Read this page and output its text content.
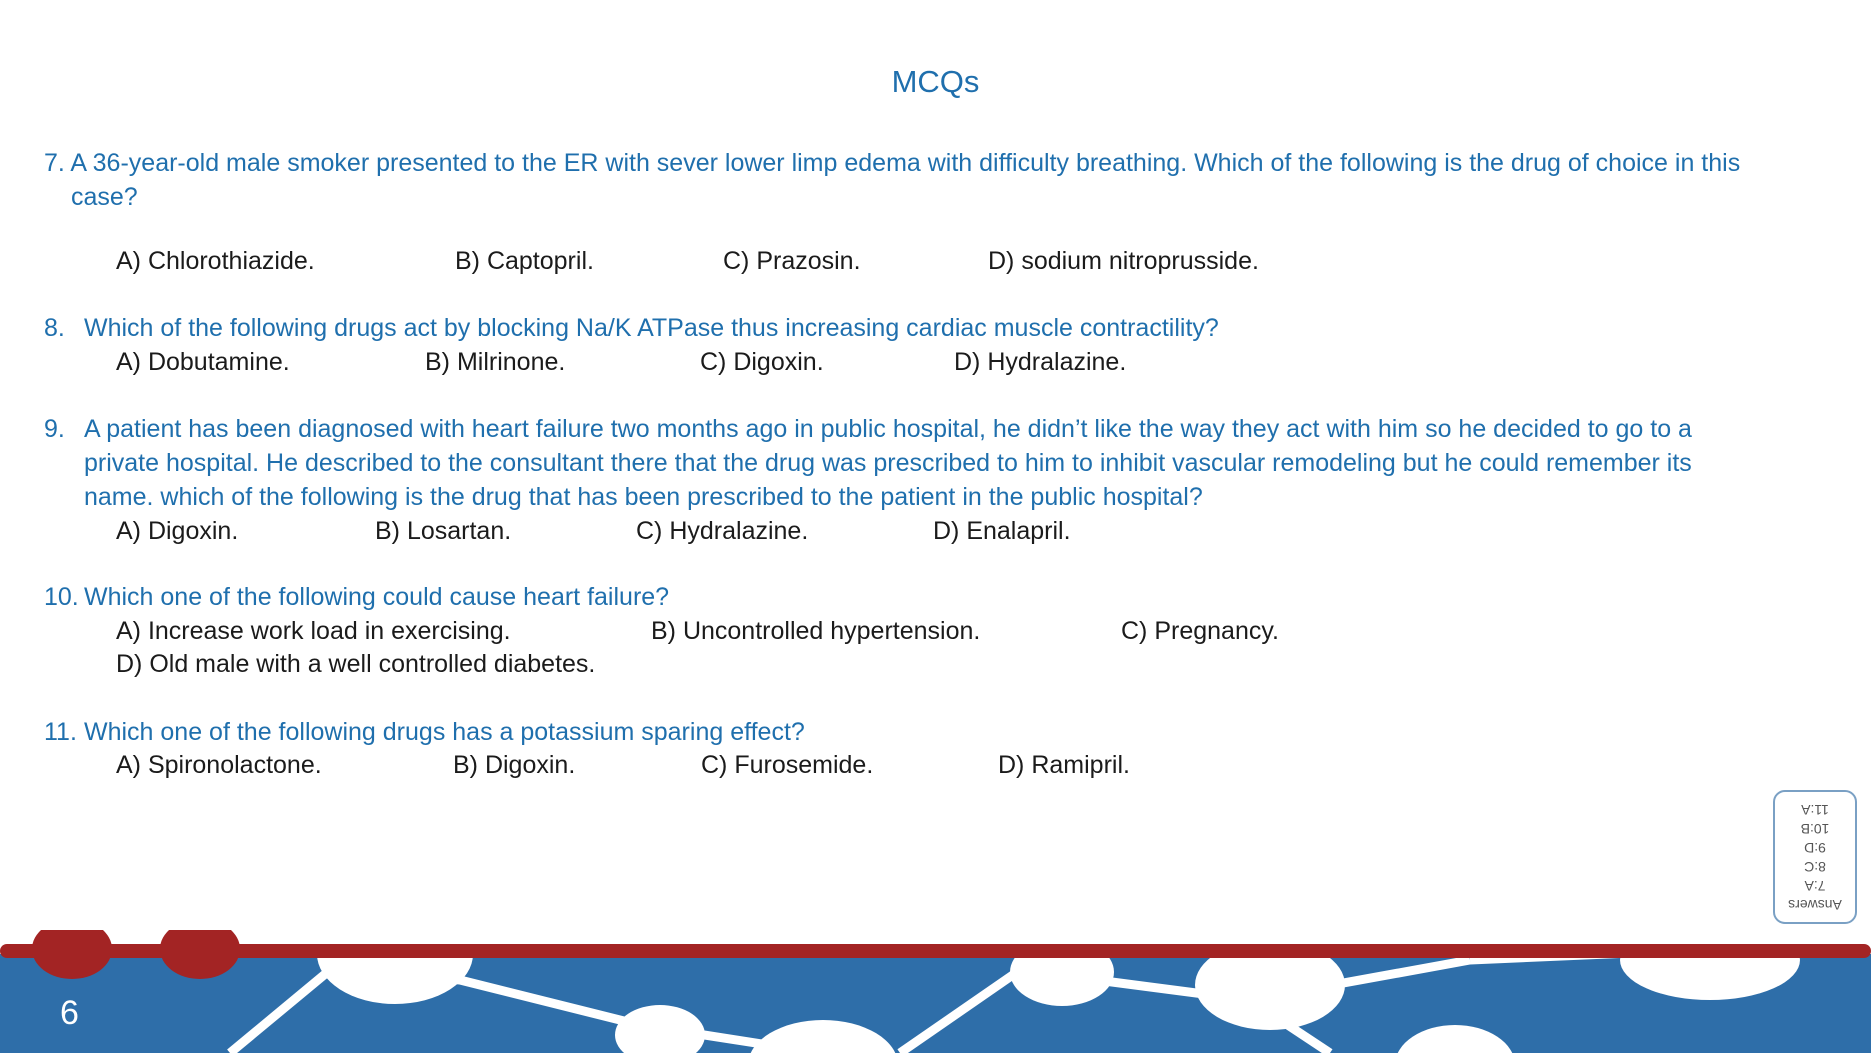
MCQs
7. A 36-year-old male smoker presented to the ER with sever lower limp edema with difficulty breathing. Which of the following is the drug of choice in this
case?
A) Chlorothiazide.	B) Captopril.	C) Prazosin.	D) sodium nitroprusside.
8. Which of the following drugs act by blocking Na/K ATPase thus increasing cardiac muscle contractility?
A) Dobutamine.	B) Milrinone.	C) Digoxin.	D) Hydralazine.
9. A patient has been diagnosed with heart failure two months ago in public hospital, he didn’t like the way they act with him so he decided to go to a
private hospital. He described to the consultant there that the drug was prescribed to him to inhibit vascular remodeling but he could remember its
name. which of the following is the drug that has been prescribed to the patient in the public hospital?
A) Digoxin.	B) Losartan.	C) Hydralazine.	D) Enalapril.
10. Which one of the following could cause heart failure?
A) Increase work load in exercising.	B) Uncontrolled hypertension.	C) Pregnancy.
D) Old male with a well controlled diabetes.
11. Which one of the following drugs has a potassium sparing effect?
A) Spironolactone.	B) Digoxin.	C) Furosemide.	D) Ramipril.
Answers
7:A
8:C
9:D
10:B
11:A
6
